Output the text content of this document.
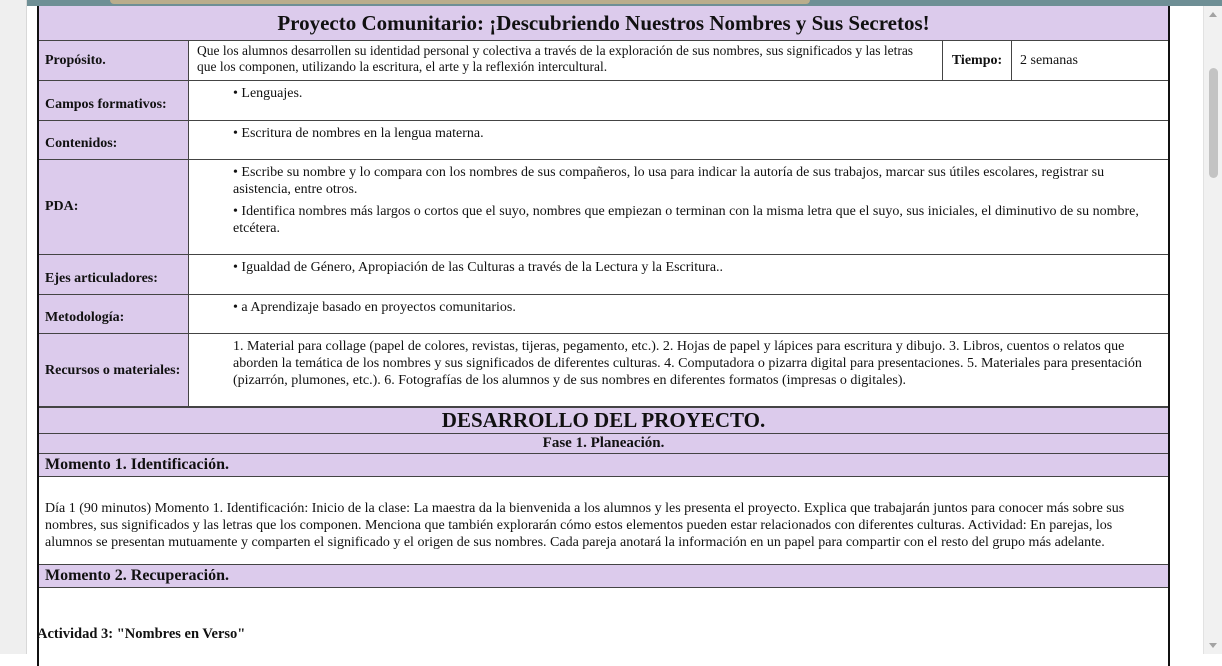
Proyecto Comunitario: ¡Descubriendo Nuestros Nombres y Sus Secretos!
Propósito.
Que los alumnos desarrollen su identidad personal y colectiva a través de la exploración de sus nombres, sus significados y las letras que los componen, utilizando la escritura, el arte y la reflexión intercultural.	Tiempo:	2 semanas
Campos formativos:
• Lenguajes.
Contenidos:
• Escritura de nombres en la lengua materna.
PDA:

• Escribe su nombre y lo compara con los nombres de sus compañeros, lo usa para indicar la autoría de sus trabajos, marcar sus útiles escolares, registrar su asistencia, entre otros.

• Identifica nombres más largos o cortos que el suyo, nombres que empiezan o terminan con la misma letra que el suyo, sus iniciales, el diminutivo de su nombre, etcétera.

Ejes articuladores:
• Igualdad de Género, Apropiación de las Culturas a través de la Lectura y la Escritura..
Metodología:
• a Aprendizaje basado en proyectos comunitarios.
Recursos o materiales:
1. Material para collage (papel de colores, revistas, tijeras, pegamento, etc.). 2. Hojas de papel y lápices para escritura y dibujo. 3. Libros, cuentos o relatos que aborden la temática de los nombres y sus significados de diferentes culturas. 4. Computadora o pizarra digital para presentaciones. 5. Materiales para presentación (pizarrón, plumones, etc.). 6. Fotografías de los alumnos y de sus nombres en diferentes formatos (impresas o digitales).
DESARROLLO DEL PROYECTO.
Fase 1. Planeación.
Momento 1. Identificación.
Día 1 (90 minutos) Momento 1. Identificación: Inicio de la clase: La maestra da la bienvenida a los alumnos y les presenta el proyecto. Explica que trabajarán juntos para conocer más sobre sus nombres, sus significados y las letras que los componen. Menciona que también explorarán cómo estos elementos pueden estar relacionados con diferentes culturas. Actividad: En parejas, los alumnos se presentan mutuamente y comparten el significado y el origen de sus nombres. Cada pareja anotará la información en un papel para compartir con el resto del grupo más adelante.
Momento 2. Recuperación.
Actividad 3: "Nombres en Verso"
